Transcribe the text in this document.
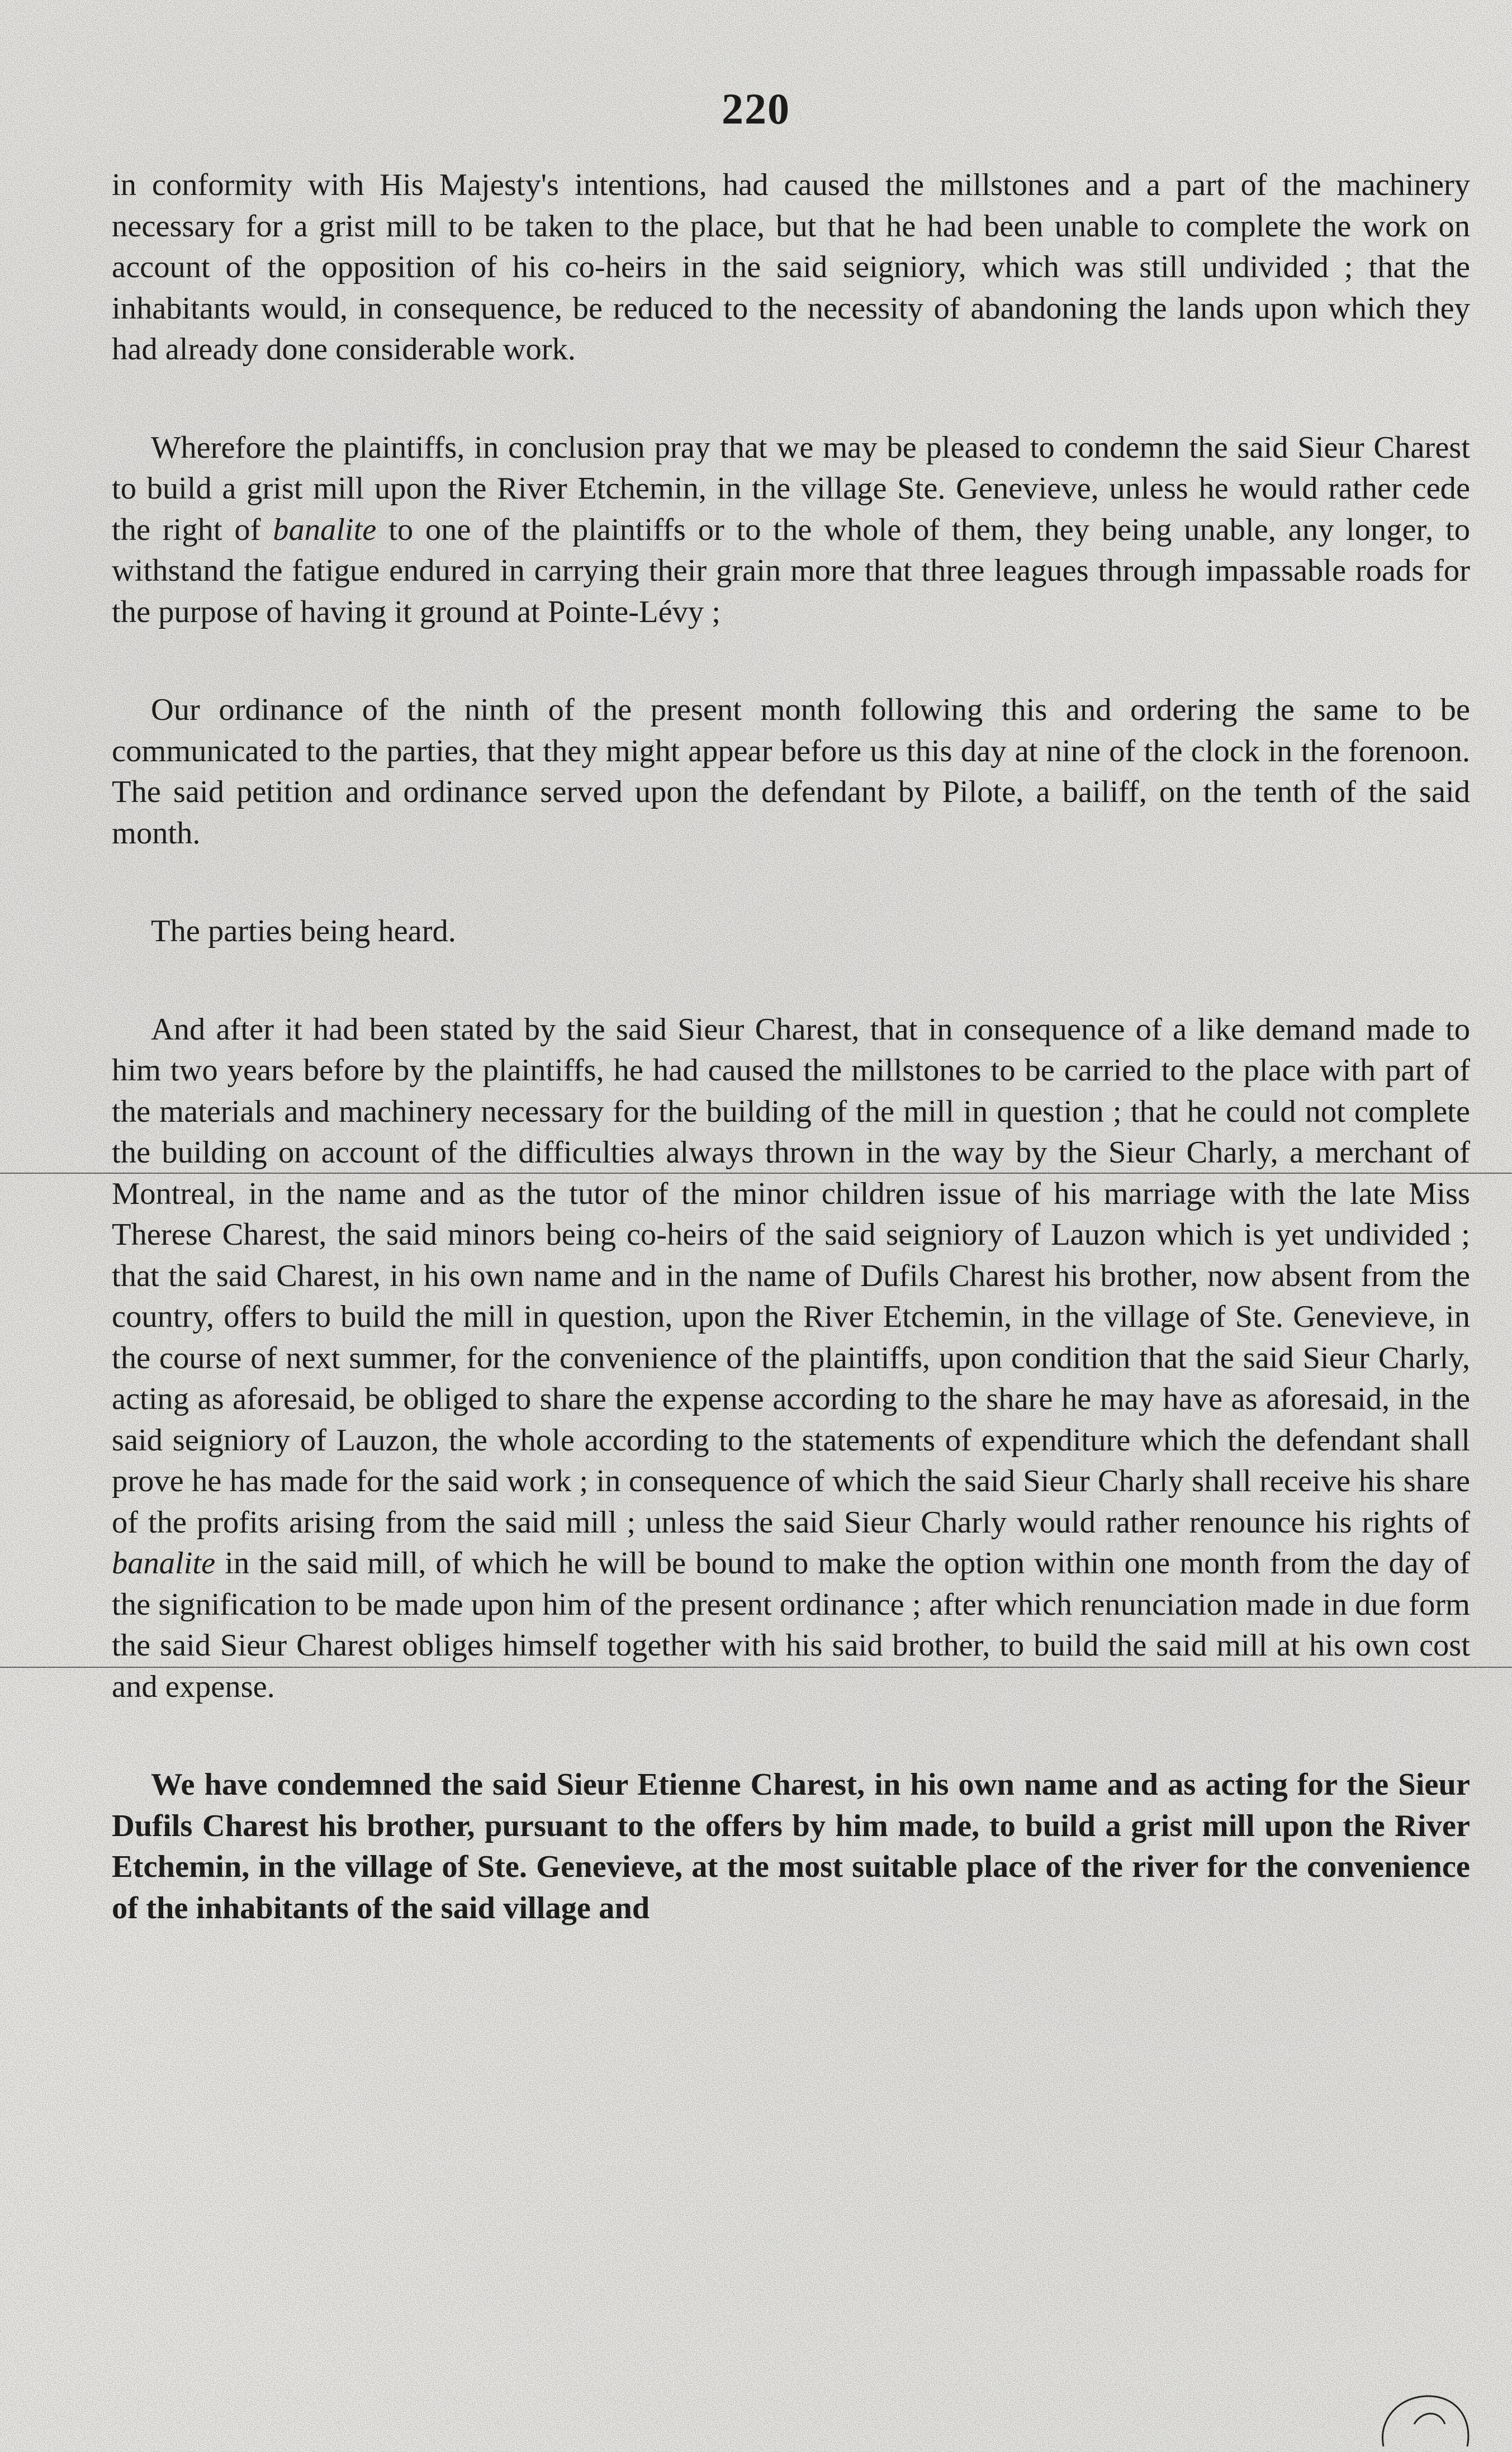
220

in conformity with His Majesty's intentions, had caused the millstones and a part of the machinery necessary for a grist mill to be taken to the place, but that he had been unable to complete the work on account of the opposition of his co-heirs in the said seigniory, which was still undivided ; that the inhabitants would, in consequence, be reduced to the necessity of abandoning the lands upon which they had already done considerable work.

Wherefore the plaintiffs, in conclusion pray that we may be pleased to condemn the said Sieur Charest to build a grist mill upon the River Etchemin, in the village Ste. Genevieve, unless he would rather cede the right of banalite to one of the plaintiffs or to the whole of them, they being unable, any longer, to withstand the fatigue endured in carrying their grain more that three leagues through impassable roads for the purpose of having it ground at Pointe-Lévy ;

Our ordinance of the ninth of the present month following this and ordering the same to be communicated to the parties, that they might appear before us this day at nine of the clock in the forenoon. The said petition and ordinance served upon the defendant by Pilote, a bailiff, on the tenth of the said month.

The parties being heard.

And after it had been stated by the said Sieur Charest, that in consequence of a like demand made to him two years before by the plaintiffs, he had caused the millstones to be carried to the place with part of the materials and machinery necessary for the building of the mill in question ; that he could not complete the building on account of the difficulties always thrown in the way by the Sieur Charly, a merchant of Montreal, in the name and as the tutor of the minor children issue of his marriage with the late Miss Therese Charest, the said minors being co-heirs of the said seigniory of Lauzon which is yet undivided ; that the said Charest, in his own name and in the name of Dufils Charest his brother, now absent from the country, offers to build the mill in question, upon the River Etchemin, in the village of Ste. Genevieve, in the course of next summer, for the convenience of the plaintiffs, upon condition that the said Sieur Charly, acting as aforesaid, be obliged to share the expense according to the share he may have as aforesaid, in the said seigniory of Lauzon, the whole according to the statements of expenditure which the defendant shall prove he has made for the said work ; in consequence of which the said Sieur Charly shall receive his share of the profits arising from the said mill ; unless the said Sieur Charly would rather renounce his rights of banalite in the said mill, of which he will be bound to make the option within one month from the day of the signification to be made upon him of the present ordinance ; after which renunciation made in due form the said Sieur Charest obliges himself together with his said brother, to build the said mill at his own cost and expense.

We have condemned the said Sieur Etienne Charest, in his own name and as acting for the Sieur Dufils Charest his brother, pursuant to the offers by him made, to build a grist mill upon the River Etchemin, in the village of Ste. Genevieve, at the most suitable place of the river for the convenience of the inhabitants of the said village and
